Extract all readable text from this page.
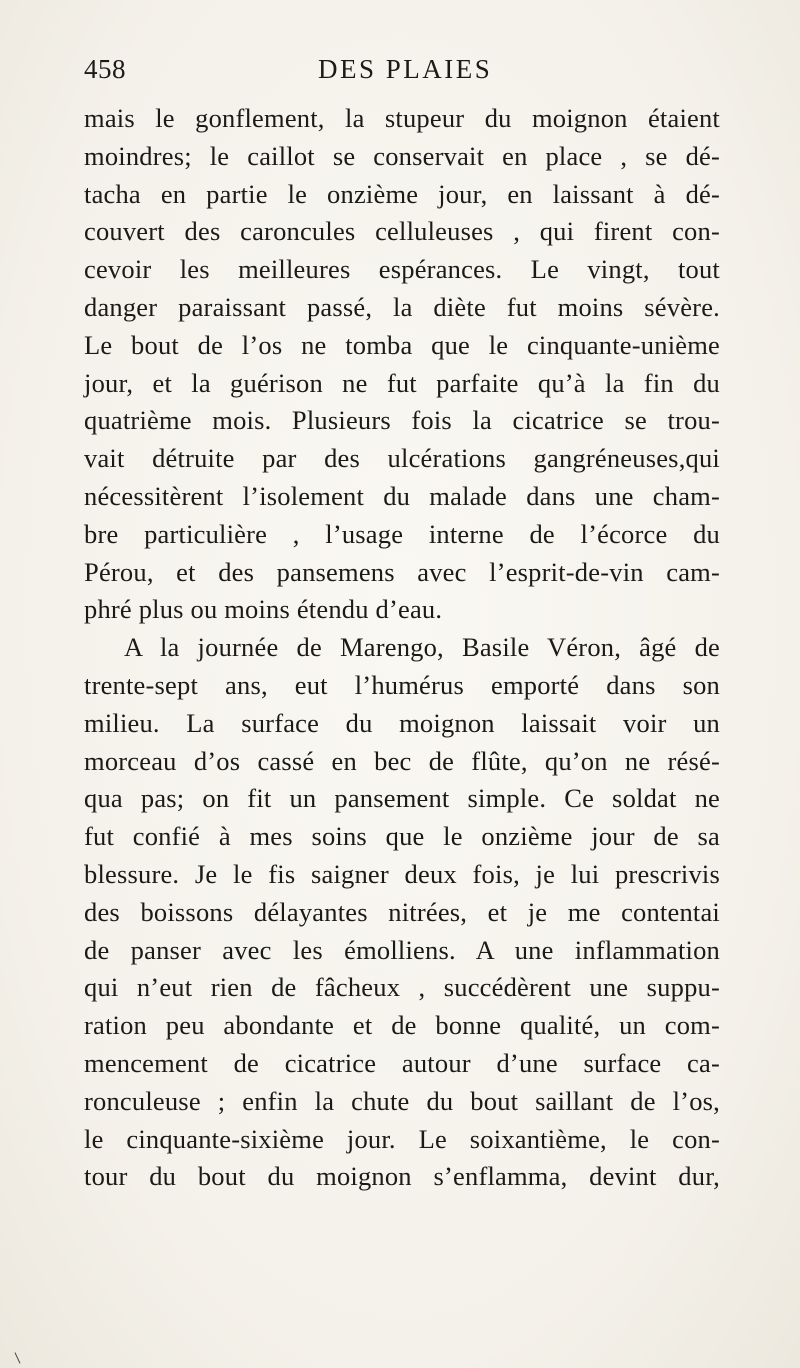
458	DES PLAIES
mais le gonflement, la stupeur du moignon étaient
moindres; le caillot se conservait en place , se dé-
tacha en partie le onzième jour, en laissant à dé-
couvert des caroncules celluleuses , qui firent con-
cevoir les meilleures espérances. Le vingt, tout
danger paraissant passé, la diète fut moins sévère.
Le bout de l’os ne tomba que le cinquante-unième
jour, et la guérison ne fut parfaite qu’à la fin du
quatrième mois. Plusieurs fois la cicatrice se trou-
vait détruite par des ulcérations gangréneuses,qui
nécessitèrent l’isolement du malade dans une cham-
bre particulière , l’usage interne de l’écorce du
Pérou, et des pansemens avec l’esprit-de-vin cam-
phré plus ou moins étendu d’eau.
A la journée de Marengo, Basile Véron, âgé de
trente-sept ans, eut l’humérus emporté dans son
milieu. La surface du moignon laissait voir un
morceau d’os cassé en bec de flûte, qu’on ne résé-
qua pas; on fit un pansement simple. Ce soldat ne
fut confié à mes soins que le onzième jour de sa
blessure. Je le fis saigner deux fois, je lui prescrivis
des boissons délayantes nitrées, et je me contentai
de panser avec les émolliens. A une inflammation
qui n’eut rien de fâcheux , succédèrent une suppu-
ration peu abondante et de bonne qualité, un com-
mencement de cicatrice autour d’une surface ca-
ronculeuse ; enfin la chute du bout saillant de l’os,
le cinquante-sixième jour. Le soixantième, le con-
tour du bout du moignon s’enflamma, devint dur,
